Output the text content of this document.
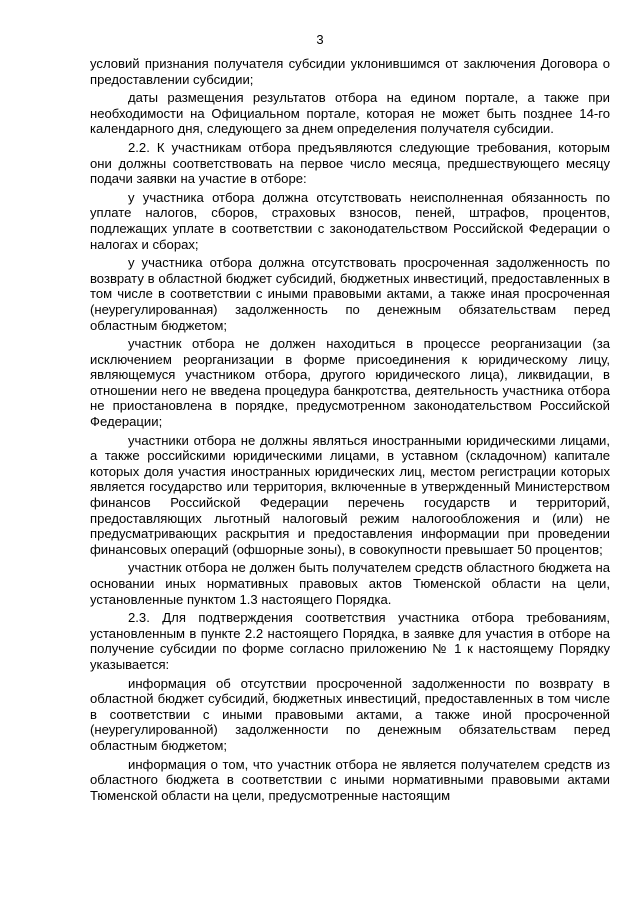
3

условий признания получателя субсидии уклонившимся от заключения Договора о предоставлении субсидии;

даты размещения результатов отбора на едином портале, а также при необходимости на Официальном портале, которая не может быть позднее 14-го календарного дня, следующего за днем определения получателя субсидии.

2.2. К участникам отбора предъявляются следующие требования, которым они должны соответствовать на первое число месяца, предшествующего месяцу подачи заявки на участие в отборе:

у участника отбора должна отсутствовать неисполненная обязанность по уплате налогов, сборов, страховых взносов, пеней, штрафов, процентов, подлежащих уплате в соответствии с законодательством Российской Федерации о налогах и сборах;

у участника отбора должна отсутствовать просроченная задолженность по возврату в областной бюджет субсидий, бюджетных инвестиций, предоставленных в том числе в соответствии с иными правовыми актами, а также иная просроченная (неурегулированная) задолженность по денежным обязательствам перед областным бюджетом;

участник отбора не должен находиться в процессе реорганизации (за исключением реорганизации в форме присоединения к юридическому лицу, являющемуся участником отбора, другого юридического лица), ликвидации, в отношении него не введена процедура банкротства, деятельность участника отбора не приостановлена в порядке, предусмотренном законодательством Российской Федерации;

участники отбора не должны являться иностранными юридическими лицами, а также российскими юридическими лицами, в уставном (складочном) капитале которых доля участия иностранных юридических лиц, местом регистрации которых является государство или территория, включенные в утвержденный Министерством финансов Российской Федерации перечень государств и территорий, предоставляющих льготный налоговый режим налогообложения и (или) не предусматривающих раскрытия и предоставления информации при проведении финансовых операций (офшорные зоны), в совокупности превышает 50 процентов;

участник отбора не должен быть получателем средств областного бюджета на основании иных нормативных правовых актов Тюменской области на цели, установленные пунктом 1.3 настоящего Порядка.

2.3. Для подтверждения соответствия участника отбора требованиям, установленным в пункте 2.2 настоящего Порядка, в заявке для участия в отборе на получение субсидии по форме согласно приложению № 1 к настоящему Порядку указывается:

информация об отсутствии просроченной задолженности по возврату в областной бюджет субсидий, бюджетных инвестиций, предоставленных в том числе в соответствии с иными правовыми актами, а также иной просроченной (неурегулированной) задолженности по денежным обязательствам перед областным бюджетом;

информация о том, что участник отбора не является получателем средств из областного бюджета в соответствии с иными нормативными правовыми актами Тюменской области на цели, предусмотренные настоящим
